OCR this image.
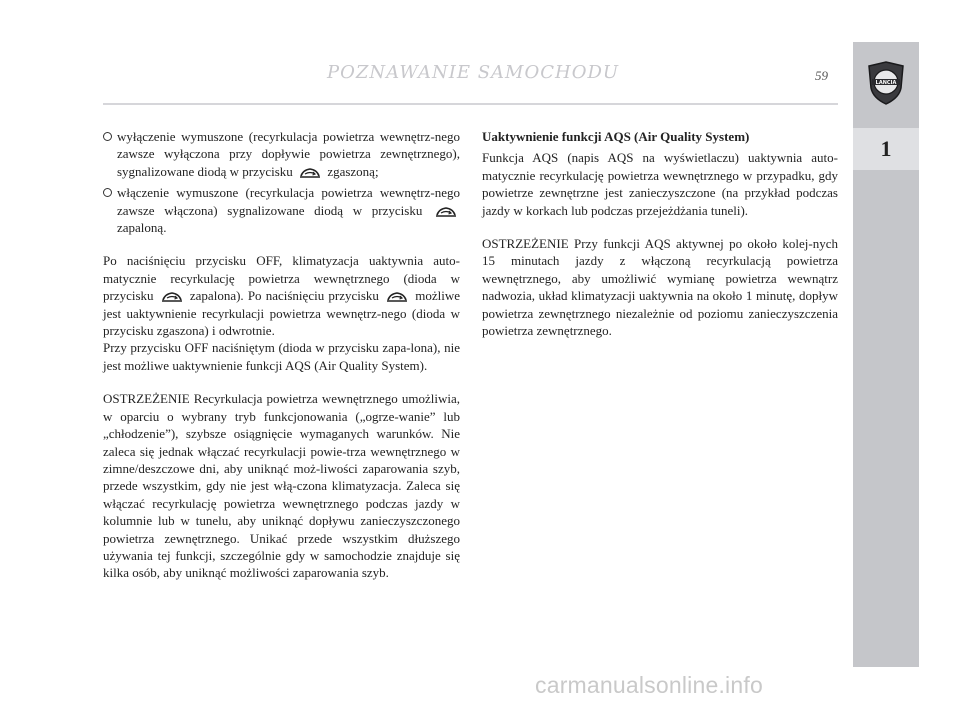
POZNAWANIE SAMOCHODU	59	LANCIA
1
wyłączenie wymuszone (recyrkulacja powietrza wewnętrz-nego zawsze wyłączona przy dopływie powietrza zewnętrznego), sygnalizowane diodą w przycisku	zgaszoną;
włączenie wymuszone (recyrkulacja powietrza wewnętrz-nego zawsze włączona) sygnalizowane diodą w przycisku  zapaloną.

Po naciśnięciu przycisku OFF, klimatyzacja uaktywnia auto-matycznie recyrkulację powietrza wewnętrznego (dioda w przycisku	zapalona). Po naciśnięciu przycisku	możliwe jest uaktywnienie recyrkulacji powietrza wewnętrz-nego (dioda w przycisku zgaszona) i odwrotnie.

Przy przycisku OFF naciśniętym (dioda w przycisku zapa-lona), nie jest możliwe uaktywnienie funkcji AQS (Air Quality System).

OSTRZEŻENIE Recyrkulacja powietrza wewnętrznego umożliwia, w oparciu o wybrany tryb funkcjonowania („ogrze-wanie” lub „chłodzenie”), szybsze osiągnięcie wymaganych warunków. Nie zaleca się jednak włączać recyrkulacji powie-trza wewnętrznego w zimne/deszczowe dni, aby uniknąć moż-liwości zaparowania szyb, przede wszystkim, gdy nie jest włą-czona klimatyzacja. Zaleca się włączać recyrkulację powietrza wewnętrznego podczas jazdy w kolumnie lub w tunelu, aby uniknąć dopływu zanieczyszczonego powietrza zewnętrznego. Unikać przede wszystkim dłuższego używania tej funkcji, szczególnie gdy w samochodzie znajduje się kilka osób, aby uniknąć możliwości zaparowania szyb.

Uaktywnienie funkcji AQS (Air Quality System)

Funkcja AQS (napis AQS na wyświetlaczu) uaktywnia auto-matycznie recyrkulację powietrza wewnętrznego w przypadku, gdy powietrze zewnętrzne jest zanieczyszczone (na przykład podczas jazdy w korkach lub podczas przejeżdżania tuneli).

OSTRZEŻENIE Przy funkcji AQS aktywnej po około kolej-nych 15 minutach jazdy z włączoną recyrkulacją powietrza wewnętrznego, aby umożliwić wymianę powietrza wewnątrz nadwozia, układ klimatyzacji uaktywnia na około 1 minutę, dopływ powietrza zewnętrznego niezależnie od poziomu zanieczyszczenia powietrza zewnętrznego.

carmanualsonline.info
